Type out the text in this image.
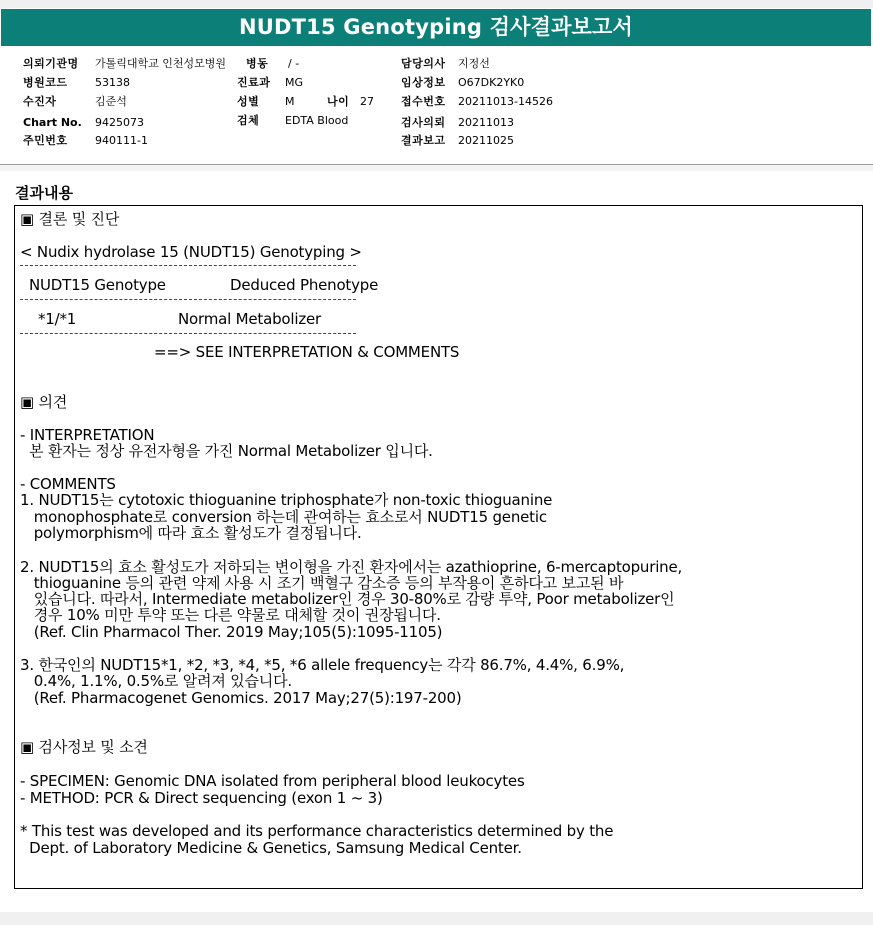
NUDT15 Genotyping 검사결과보고서
의뢰기관명 가톨릭대학교 인천성모병원 병동 / -	담당의사 지정선
병원코드 53138	진료과 MG	임상정보 O67DK2YK0
수진자	김준석	성별 M	나이 27 접수번호 20211013-14526
Chart No. 9425073	검체 EDTA Blood	검사의뢰 20211013
주민번호 940111-1	결과보고 20211025
결과내용
▣ 결론 및 진단
< Nudix hydrolase 15 (NUDT15) Genotyping >
NUDT15 Genotype	Deduced Phenotype
*1/*1	Normal Metabolizer
==> SEE INTERPRETATION & COMMENTS
▣ 의견
- INTERPRETATION
본 환자는 정상 유전자형을 가진 Normal Metabolizer 입니다.
- COMMENTS
1. NUDT15는 cytotoxic thioguanine triphosphate가 non-toxic thioguanine
monophosphate로 conversion 하는데 관여하는 효소로서 NUDT15 genetic
polymorphism에 따라 효소 활성도가 결정됩니다.
2. NUDT15의 효소 활성도가 저하되는 변이형을 가진 환자에서는 azathioprine, 6-mercaptopurine,
thioguanine 등의 관련 약제 사용 시 조기 백혈구 감소증 등의 부작용이 흔하다고 보고된 바
있습니다. 따라서, Intermediate metabolizer인 경우 30-80%로 감량 투약, Poor metabolizer인
경우 10% 미만 투약 또는 다른 약물로 대체할 것이 권장됩니다.
(Ref. Clin Pharmacol Ther. 2019 May;105(5):1095-1105)
3. 한국인의 NUDT15*1, *2, *3, *4, *5, *6 allele frequency는 각각 86.7%, 4.4%, 6.9%,
0.4%, 1.1%, 0.5%로 알려져 있습니다.
(Ref. Pharmacogenet Genomics. 2017 May;27(5):197-200)
▣ 검사정보 및 소견
- SPECIMEN: Genomic DNA isolated from peripheral blood leukocytes
- METHOD: PCR & Direct sequencing (exon 1 ~ 3)
* This test was developed and its performance characteristics determined by the
Dept. of Laboratory Medicine & Genetics, Samsung Medical Center.
